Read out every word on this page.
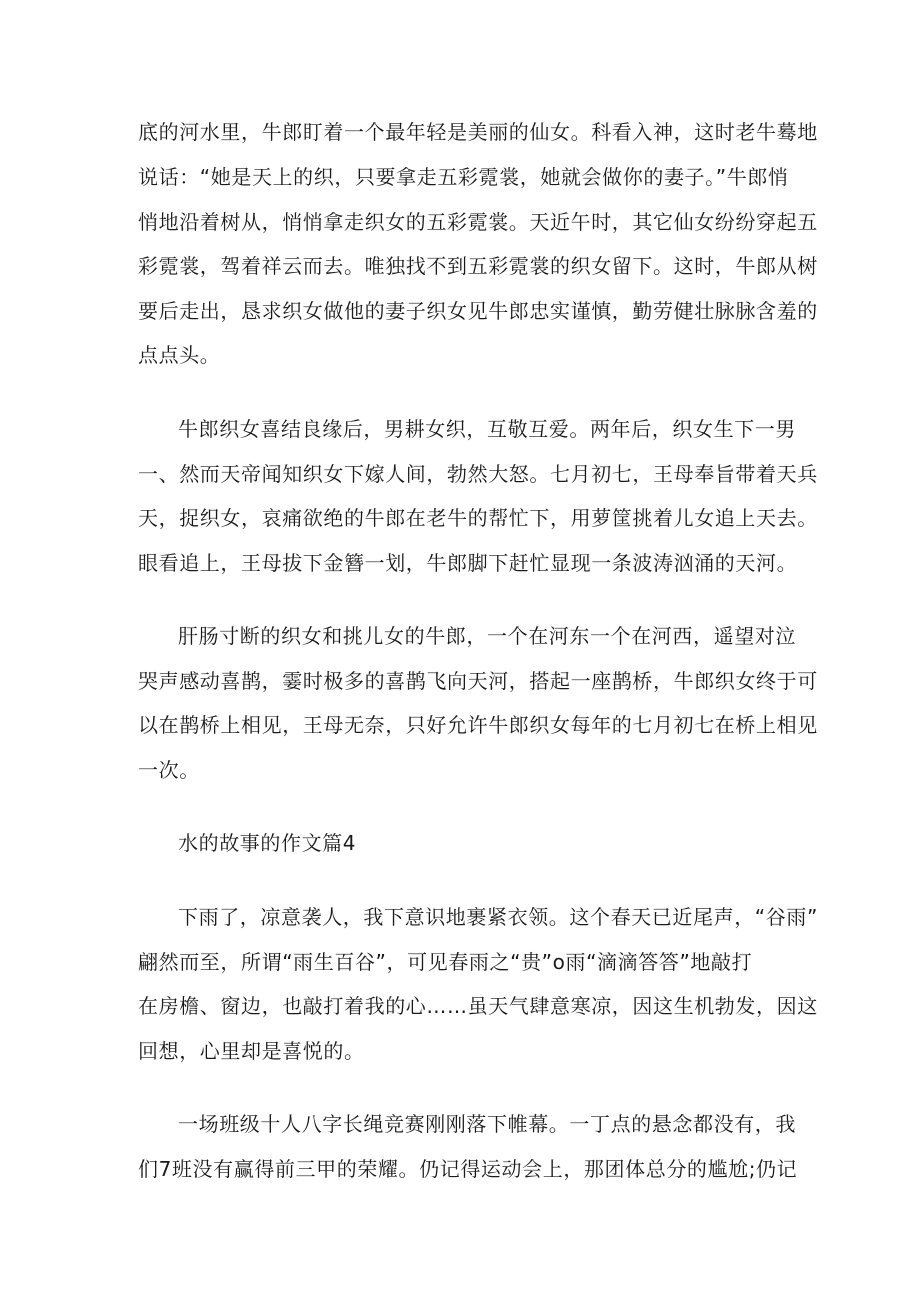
底的河水里，牛郎盯着一个最年轻是美丽的仙女。科看入神，这时老牛蓦地
说话：“她是天上的织，只要拿走五彩霓裳，她就会做你的妻子。”牛郎悄
悄地沿着树从，悄悄拿走织女的五彩霓裳。天近午时，其它仙女纷纷穿起五
彩霓裳，驾着祥云而去。唯独找不到五彩霓裳的织女留下。这时，牛郎从树
要后走出，恳求织女做他的妻子织女见牛郎忠实谨慎，勤劳健壮脉脉含羞的
点点头。
牛郎织女喜结良缘后，男耕女织，互敬互爱。两年后，织女生下一男
一、然而天帝闻知织女下嫁人间，勃然大怒。七月初七，王母奉旨带着天兵
天，捉织女，哀痛欲绝的牛郎在老牛的帮忙下，用萝筐挑着儿女追上天去。
眼看追上，王母拔下金簪一划，牛郎脚下赶忙显现一条波涛汹涌的天河。
肝肠寸断的织女和挑儿女的牛郎，一个在河东一个在河西，遥望对泣
哭声感动喜鹊，霎时极多的喜鹊飞向天河，搭起一座鹊桥，牛郎织女终于可
以在鹊桥上相见，王母无奈，只好允许牛郎织女每年的七月初七在桥上相见
一次。
水的故事的作文篇4
下雨了，凉意袭人，我下意识地裹紧衣领。这个春天已近尾声，“谷雨”
翩然而至，所谓“雨生百谷”，可见春雨之“贵”o雨“滴滴答答”地敲打
在房檐、窗边，也敲打着我的心……虽天气肆意寒凉，因这生机勃发，因这
回想，心里却是喜悦的。
一场班级十人八字长绳竞赛刚刚落下帷幕。一丁点的悬念都没有，我
们7班没有赢得前三甲的荣耀。仍记得运动会上，那团体总分的尴尬;仍记
